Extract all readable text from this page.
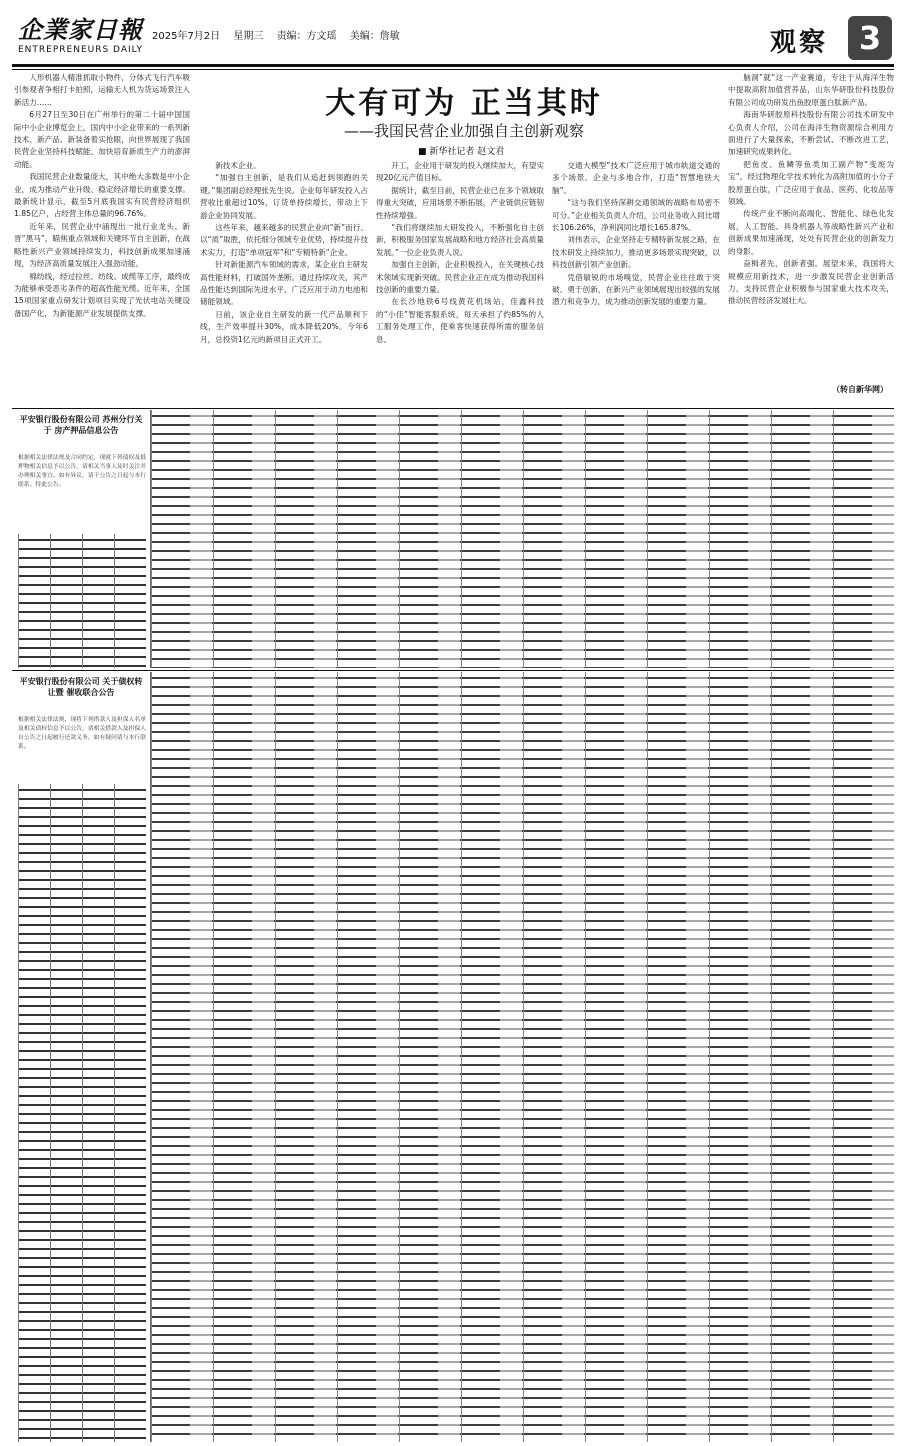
企業家日報
ENTREPRENEURS DAILY
2025年7月2日 星期三 责编：方文瑶 美编：詹敏	观察 3
大有可为 正当其时
——我国民营企业加强自主创新观察
■ 新华社记者 赵文君

人形机器人精准抓取小物件，分体式飞行汽车吸引参观者争相打卡拍照，运输无人机为货运场景注入新活力……

6月27日至30日在广州举行的第二十届中国国际中小企业博览会上，国内中小企业带来的一系列新技术、新产品、新装备着实抢眼，向世界展现了我国民营企业坚持科技赋能、加快培育新质生产力的澎湃动能。

我国民营企业数量庞大，其中绝大多数是中小企业，成为推动产业升级、稳定经济增长的重要支撑。最新统计显示，截至5月底我国实有民营经济组织1.85亿户，占经营主体总量的96.76%。

近年来，民营企业中涌现出一批行业龙头、新晋“黑马”，瞄焦重点领域和关键环节自主创新，在战略性新兴产业领域持续发力，科技创新成果加速涌现，为经济高质量发展注入强劲动能。

棉纺线，经过拉丝、纺线、成缆等工序，最终成为能够承受恶劣条件的超高性能光缆。近年来，全国15项国家重点研发计划项目实现了光伏电站关键设备国产化，为新能源产业发展提供支撑。

新技术企业。

“加强自主创新，是我们从追赶到领跑的关键。”集团副总经理张先生说。企业每年研发投入占营收比重超过10%，订货单持续增长，带动上下游企业协同发展。

这些年来，越来越多的民营企业向“新”而行、以“质”取胜，依托细分领域专业优势，持续提升技术实力，打造“单项冠军”和“专精特新”企业。

针对新能源汽车领域的需求，某企业自主研发高性能材料，打破国外垄断。通过持续攻关，其产品性能达到国际先进水平，广泛应用于动力电池和储能领域。

日前，该企业自主研发的新一代产品顺利下线，生产效率提升30%，成本降低20%。今年6月，总投资1亿元的新项目正式开工。

开工，企业用于研发的投入继续加大，有望实现20亿元产值目标。

据统计，截至目前，民营企业已在多个领域取得重大突破，应用场景不断拓展，产业链供应链韧性持续增强。

“我们将继续加大研发投入，不断强化自主创新，积极服务国家发展战略和地方经济社会高质量发展。”一位企业负责人说。

加强自主创新，企业积极投入，在关键核心技术领域实现新突破。民营企业正在成为推动我国科技创新的重要力量。

在长沙地铁6号线黄花机场站，佳鑫科技的“小佳”智能客服系统，每天承担了约85%的人工服务处理工作，使乘客快速获得所需的服务信息。

交通大模型”技术广泛应用于城市轨道交通的多个场景。企业与多地合作，打造“智慧地铁大脑”。

“这与我们坚持深耕交通领域的战略布局密不可分。”企业相关负责人介绍，公司业务收入同比增长106.26%，净利润同比增长165.87%。

刘伟表示，企业坚持走专精特新发展之路，在技术研发上持续加力，推动更多场景实现突破，以科技创新引领产业创新。

凭借敏锐的市场嗅觉，民营企业往往敢于突破、勇于创新，在新兴产业领域展现出较强的发展潜力和竞争力，成为推动创新发展的重要力量。

脑洞”就“这一产业赛道，专注于从海洋生物中提取高附加值营养品，山东华研股份科技股份有限公司成功研发出鱼胶原蛋白肽新产品。

海南华研胶原科技股份有限公司技术研发中心负责人介绍，公司在海洋生物资源综合利用方面进行了大量探索，不断尝试、不断改进工艺，加速研究成果转化。

把鱼皮、鱼鳞等鱼类加工副产物“变废为宝”，经过物理化学技术转化为高附加值的小分子胶原蛋白肽，广泛应用于食品、医药、化妆品等领域。

传统产业不断向高端化、智能化、绿色化发展，人工智能、具身机器人等战略性新兴产业和创新成果加速涌现，处处有民营企业的创新发力的身影。

奋楫者先，创新者强。展望未来，我国将大规模应用新技术，进一步激发民营企业创新活力，支持民营企业积极参与国家重大技术攻关，推动民营经济发展壮大。

（转自新华网）
平安银行股份有限公司 苏州分行关于 房产押品信息公告
根据相关法律法规及合同约定，现就下列债权及抵押物相关信息予以公告，请相关当事人及时关注并办理相关事宜。如有异议，请于公告之日起与本行联系。特此公告。
平安银行股份有限公司 关于债权转让暨 催收联合公告
根据相关法律法规，现将下列借款人及担保人名单及相关债权信息予以公告，请相关借款人及担保人自公告之日起履行还款义务，如有疑问请与本行联系。
